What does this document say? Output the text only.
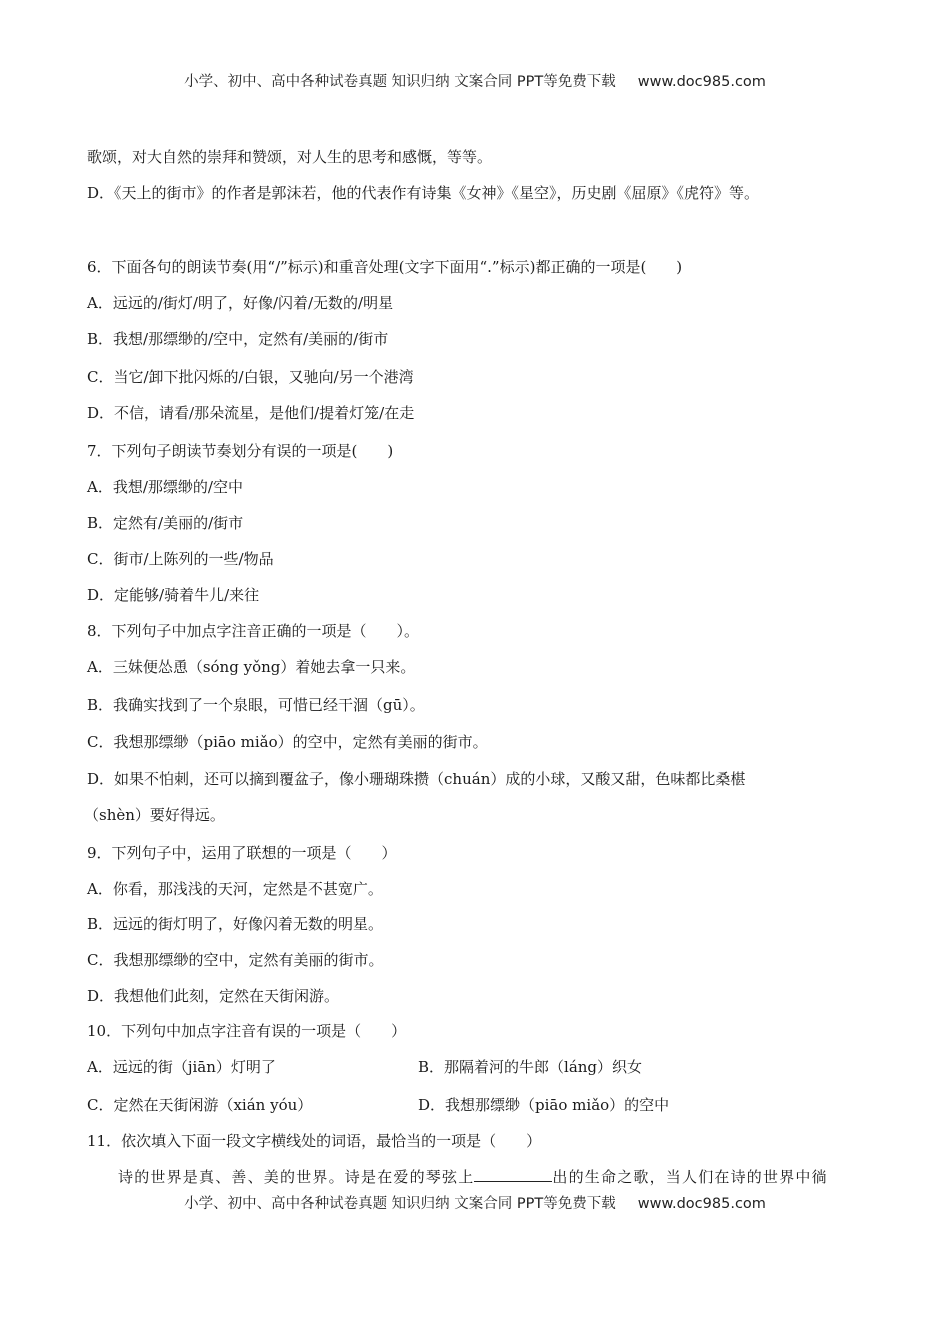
小学、初中、高中各种试卷真题 知识归纳 文案合同 PPT等免费下载 www.doc985.com
歌颂，对大自然的崇拜和赞颂，对人生的思考和感慨，等等。
D．《天上的街市》的作者是郭沫若，他的代表作有诗集《女神》《星空》，历史剧《屈原》《虎符》等。
6．下面各句的朗读节奏(用“/”标示)和重音处理(文字下面用“.”标示)都正确的一项是(　　)
A．远远的/街灯/明了，好像/闪着/无数的/明星
B．我想/那缥缈的/空中，定然有/美丽的/街市
C．当它/卸下批闪烁的/白银，又驰向/另一个港湾
D．不信，请看/那朵流星，是他们/提着灯笼/在走
7．下列句子朗读节奏划分有误的一项是(　　)
A．我想/那缥缈的/空中
B．定然有/美丽的/街市
C．街市/上陈列的一些/物品
D．定能够/骑着牛儿/来往
8．下列句子中加点字注音正确的一项是（　　）。
A．三妹便怂恿（sóng yǒng）着她去拿一只来。
B．我确实找到了一个泉眼，可惜已经干涸（gū）。
C．我想那缥缈（piāo miǎo）的空中，定然有美丽的街市。
D．如果不怕刺，还可以摘到覆盆子，像小珊瑚珠攒（chuán）成的小球，又酸又甜，色味都比桑椹
（shèn）要好得远。
9．下列句子中，运用了联想的一项是（　　）
A．你看，那浅浅的天河，定然是不甚宽广。
B．远远的街灯明了，好像闪着无数的明星。
C．我想那缥缈的空中，定然有美丽的街市。
D．我想他们此刻，定然在天街闲游。
10．下列句中加点字注音有误的一项是（　　）
A．远远的街（jiān）灯明了	B．那隔着河的牛郎（láng）织女
C．定然在天街闲游（xián yóu）	D．我想那缥缈（piāo miǎo）的空中
11．依次填入下面一段文字横线处的词语，最恰当的一项是（　　）
诗的世界是真、善、美的世界。诗是在爱的琴弦上	出的生命之歌，当人们在诗的世界中徜
小学、初中、高中各种试卷真题 知识归纳 文案合同 PPT等免费下载 www.doc985.com
